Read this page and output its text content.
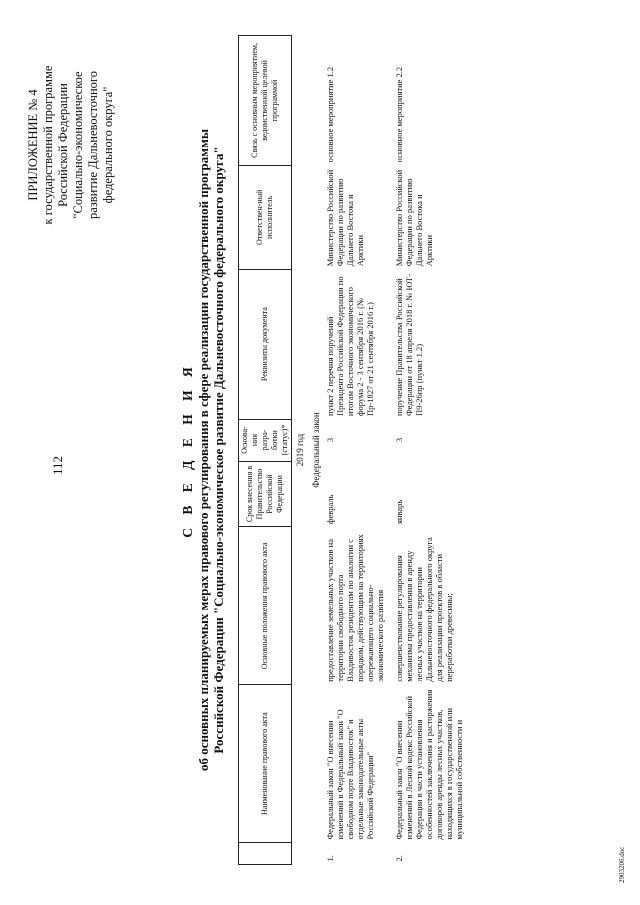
112
ПРИЛОЖЕНИЕ № 4 к государственной программе Российской Федерации "Социально-экономическое развитие Дальневосточного федерального округа"
С В Е Д Е Н И Я об основных планируемых мерах правового регулирования в сфере реализации государственной программы Российской Федерации "Социально-экономическое развитие Дальневосточного федерального округа"
	Наименование правового акта	Основные положения правового акта	Срок внесения в Правительство Российской Федерации	Основа-ния разра-ботки (статус)*	Реквизиты документа	Ответствен-ный исполнитель	Связь с основным мероприятием, ведомственной целевой программой
2019 год							
Федеральный закон							
1.	Федеральный закон "О внесении изменений в Федеральный закон "О свободном порте Владивосток" и отдельные законодательные акты Российской Федерации"	предоставление земельных участков на территории свободного порта Владивосток резидентам по аналогии с порядком, действующим на территориях опережающего социально-экономического развития	февраль	3	пункт 2 перечня поручений Президента Российской Федерации по итогам Восточного экономического форума 2 - 3 сентября 2016 г. (№ Пр-1827 от 21 сентября 2016 г.)	Министерство Российской Федерации по развитию Дальнего Востока и Арктики	основное мероприятие 1.2
2.	Федеральный закон "О внесении изменений в Лесной кодекс Российской Федерации в части установления особенностей заключения и расторжения договоров аренды лесных участков, находящихся в государственной или муниципальной собственности и	совершенствование регулирования механизма предоставления в аренду лесных участков на территории Дальневосточного федерального округа для реализации проектов в области переработки древесины;	январь	3	поручение Правительства Российской Федерации от 18 апреля 2018 г. № ЮТ-П9-26пр (пункт 1.2)	Министерство Российской Федерации по развитию Дальнего Востока и Арктики	основное мероприятие 2.2
2903206.doc
